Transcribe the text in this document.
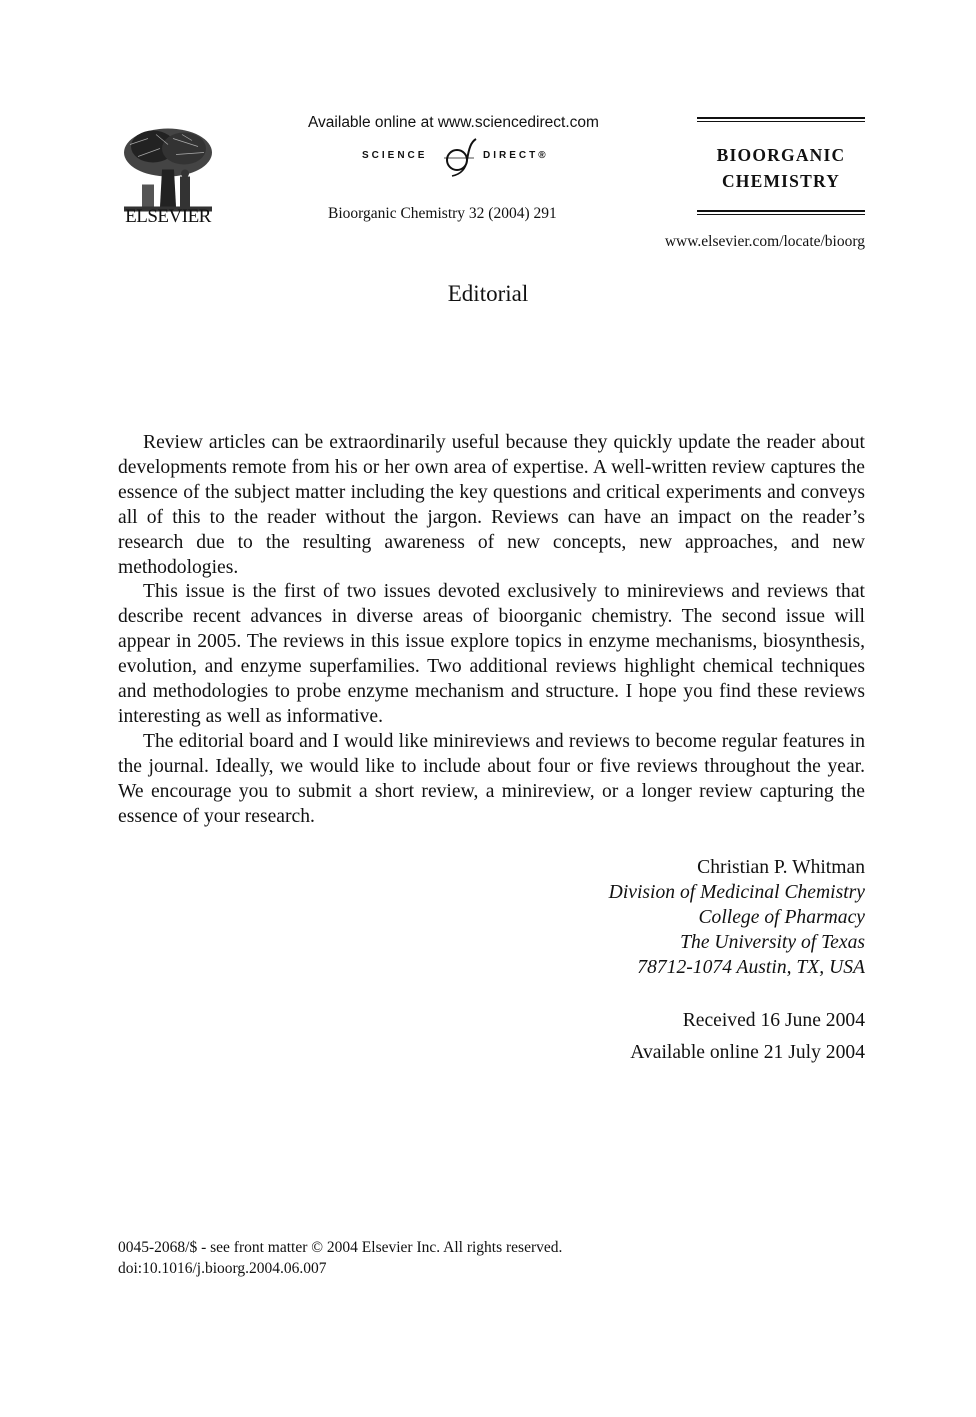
ELSEVIER
Available online at www.sciencedirect.com
SCIENCE	DIRECT®
Bioorganic Chemistry 32 (2004) 291
BIOORGANIC
CHEMISTRY
www.elsevier.com/locate/bioorg
Editorial

Review articles can be extraordinarily useful because they quickly update the reader about developments remote from his or her own area of expertise. A well-written review captures the essence of the subject matter including the key questions and critical experiments and conveys all of this to the reader without the jargon. Reviews can have an impact on the reader’s research due to the resulting awareness of new concepts, new approaches, and new methodologies.

This issue is the first of two issues devoted exclusively to minireviews and reviews that describe recent advances in diverse areas of bioorganic chemistry. The second issue will appear in 2005. The reviews in this issue explore topics in enzyme mechanisms, biosynthesis, evolution, and enzyme superfamilies. Two additional reviews highlight chemical techniques and methodologies to probe enzyme mechanism and structure. I hope you find these reviews interesting as well as informative.

The editorial board and I would like minireviews and reviews to become regular features in the journal. Ideally, we would like to include about four or five reviews throughout the year. We encourage you to submit a short review, a minireview, or a longer review capturing the essence of your research.

Christian P. Whitman
Division of Medicinal Chemistry
College of Pharmacy
The University of Texas
78712-1074 Austin, TX, USA
Received 16 June 2004
Available online 21 July 2004
0045-2068/$ - see front matter © 2004 Elsevier Inc. All rights reserved.
doi:10.1016/j.bioorg.2004.06.007
